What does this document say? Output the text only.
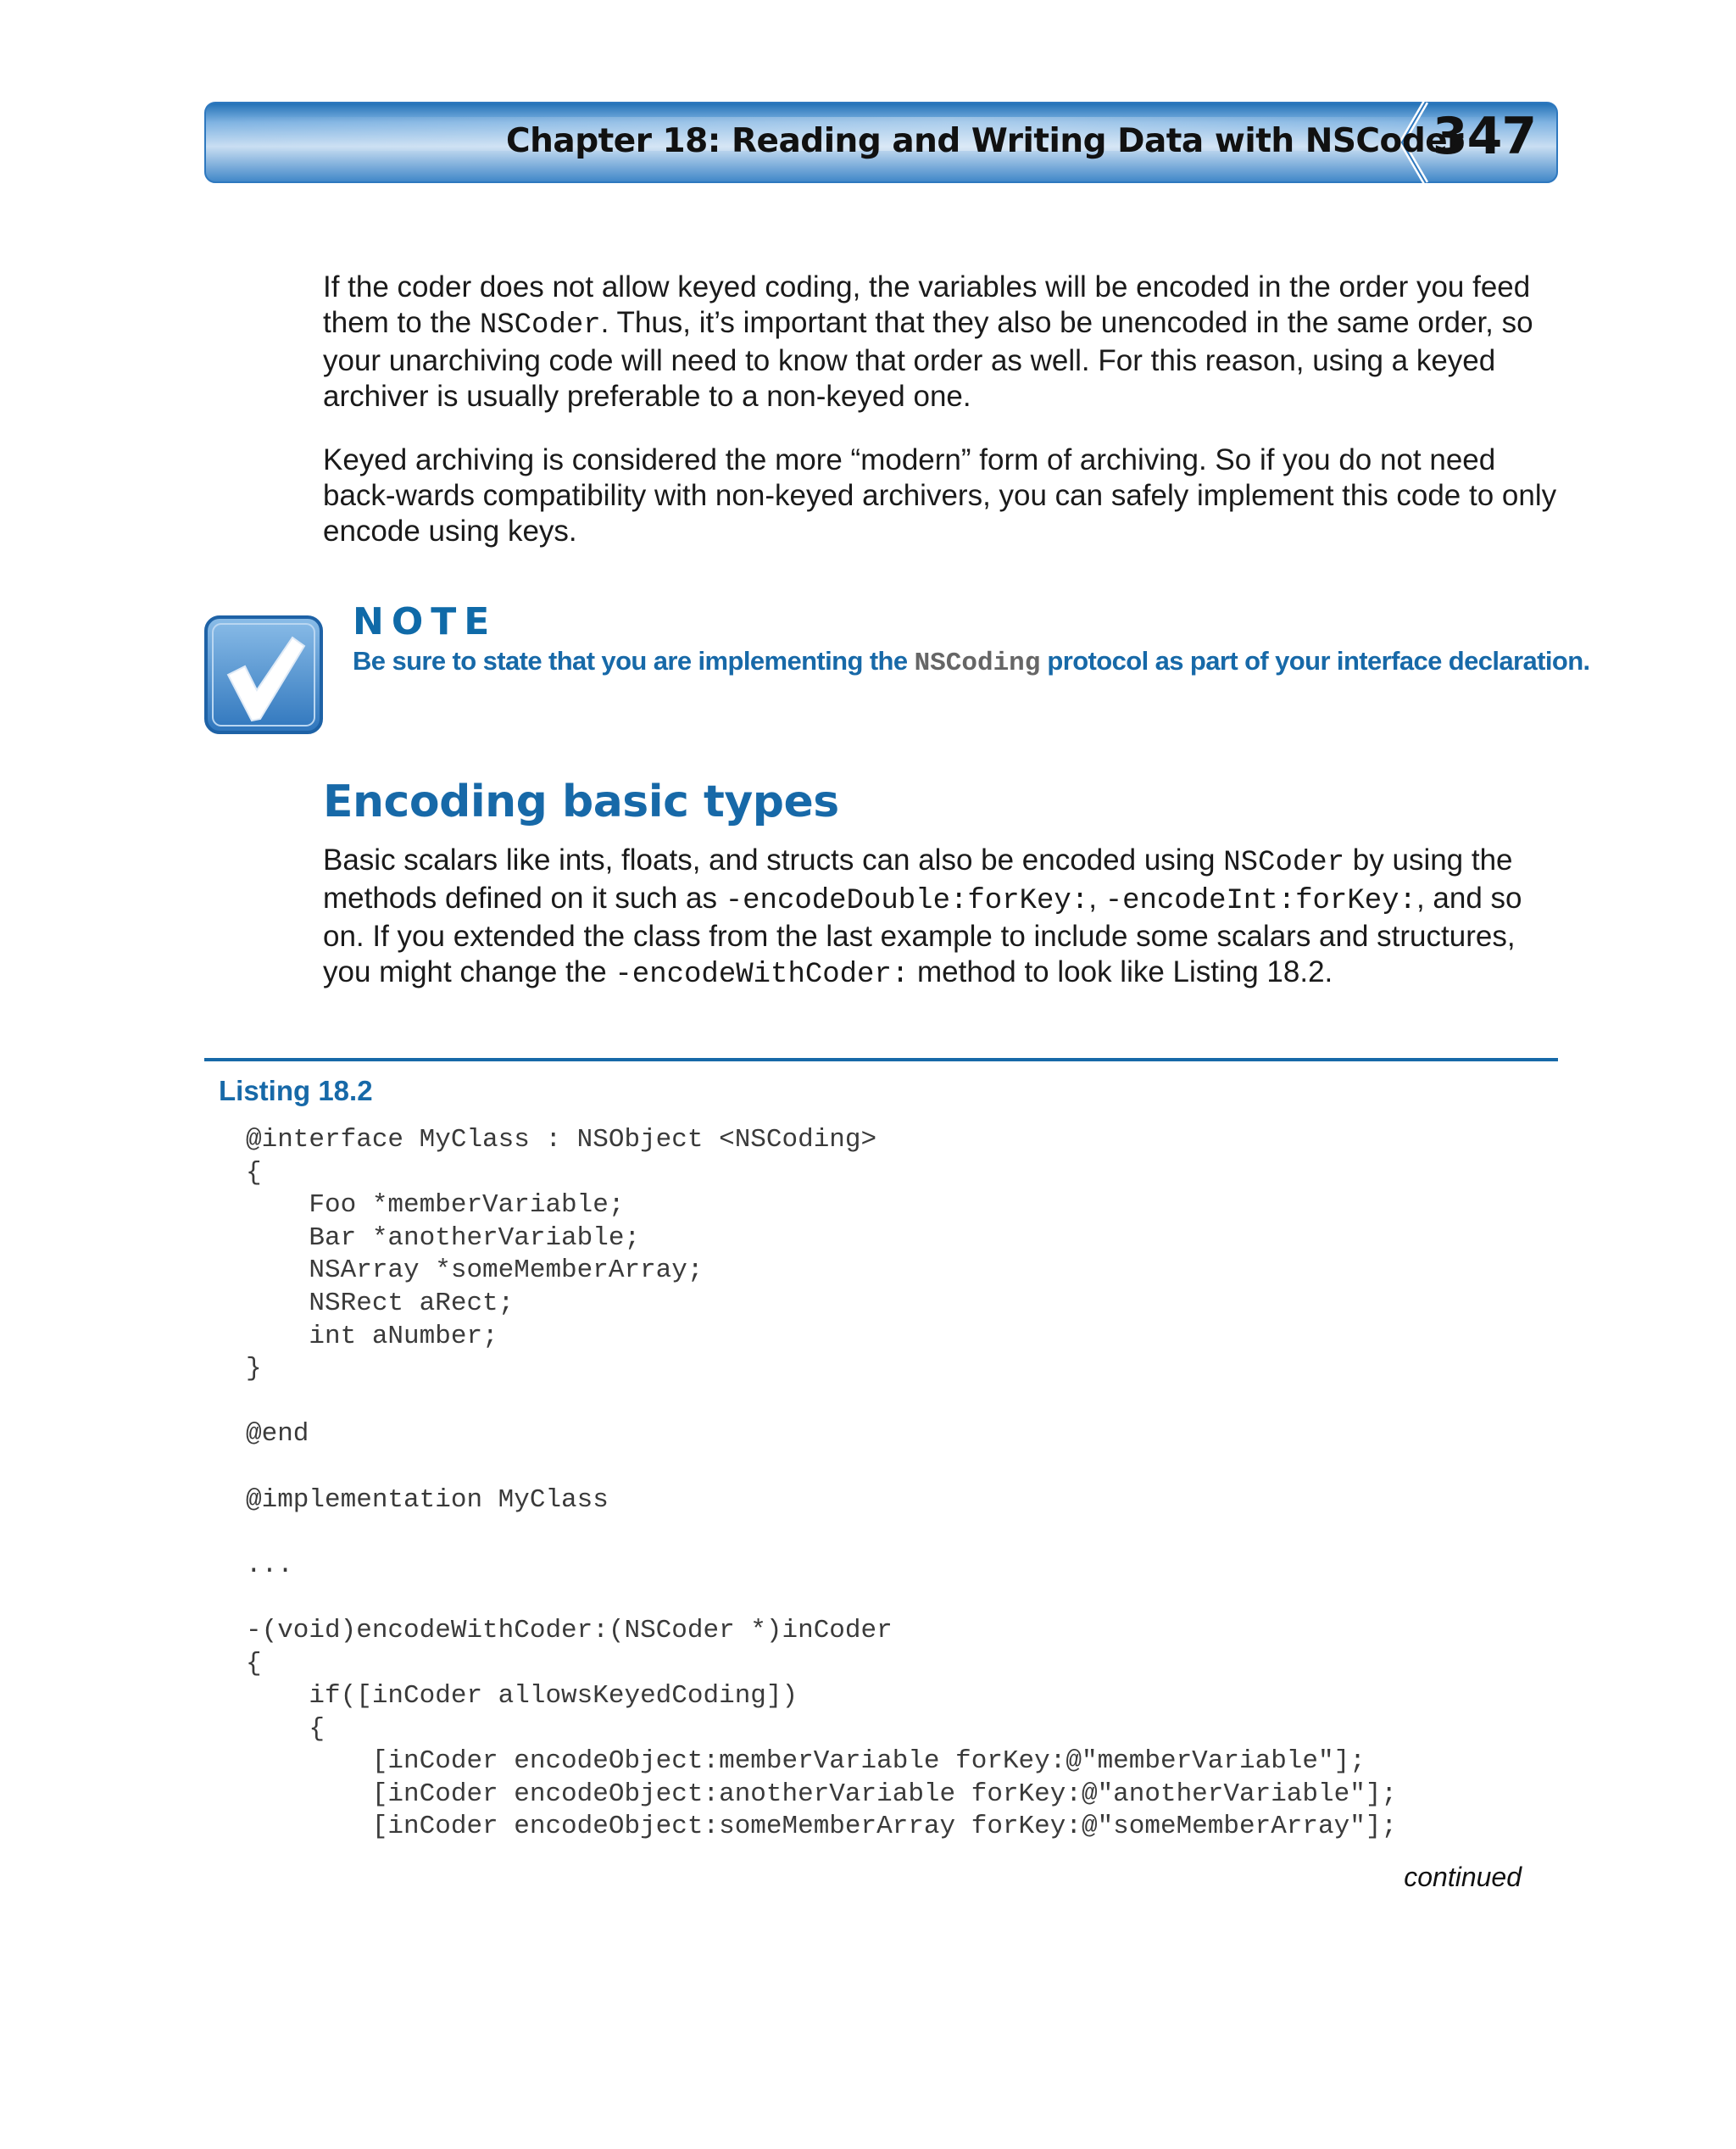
Chapter 18: Reading and Writing Data with NSCoder
347

If the coder does not allow keyed coding, the variables will be encoded in the order you feed them to the NSCoder. Thus, it’s important that they also be unencoded in the same order, so your unarchiving code will need to know that order as well. For this reason, using a keyed archiver is usually preferable to a non-keyed one.

Keyed archiving is considered the more “modern” form of archiving. So if you do not need back-wards compatibility with non-keyed archivers, you can safely implement this code to only encode using keys.

NOTE
Be sure to state that you are implementing the NSCoding protocol as part of your interface declaration.
Encoding basic types

Basic scalars like ints, floats, and structs can also be encoded using NSCoder by using the methods defined on it such as -encodeDouble:forKey:, -encodeInt:forKey:, and so on. If you extended the class from the last example to include some scalars and structures, you might change the -encodeWithCoder: method to look like Listing 18.2.

Listing 18.2
@interface MyClass : NSObject <NSCoding>
{
Foo *memberVariable;
Bar *anotherVariable;
NSArray *someMemberArray;
NSRect aRect;
int aNumber;
}

@end

@implementation MyClass

...

-(void)encodeWithCoder:(NSCoder *)inCoder
{
if([inCoder allowsKeyedCoding])
{
[inCoder encodeObject:memberVariable forKey:@"memberVariable"];
[inCoder encodeObject:anotherVariable forKey:@"anotherVariable"];
[inCoder encodeObject:someMemberArray forKey:@"someMemberArray"];
continued
